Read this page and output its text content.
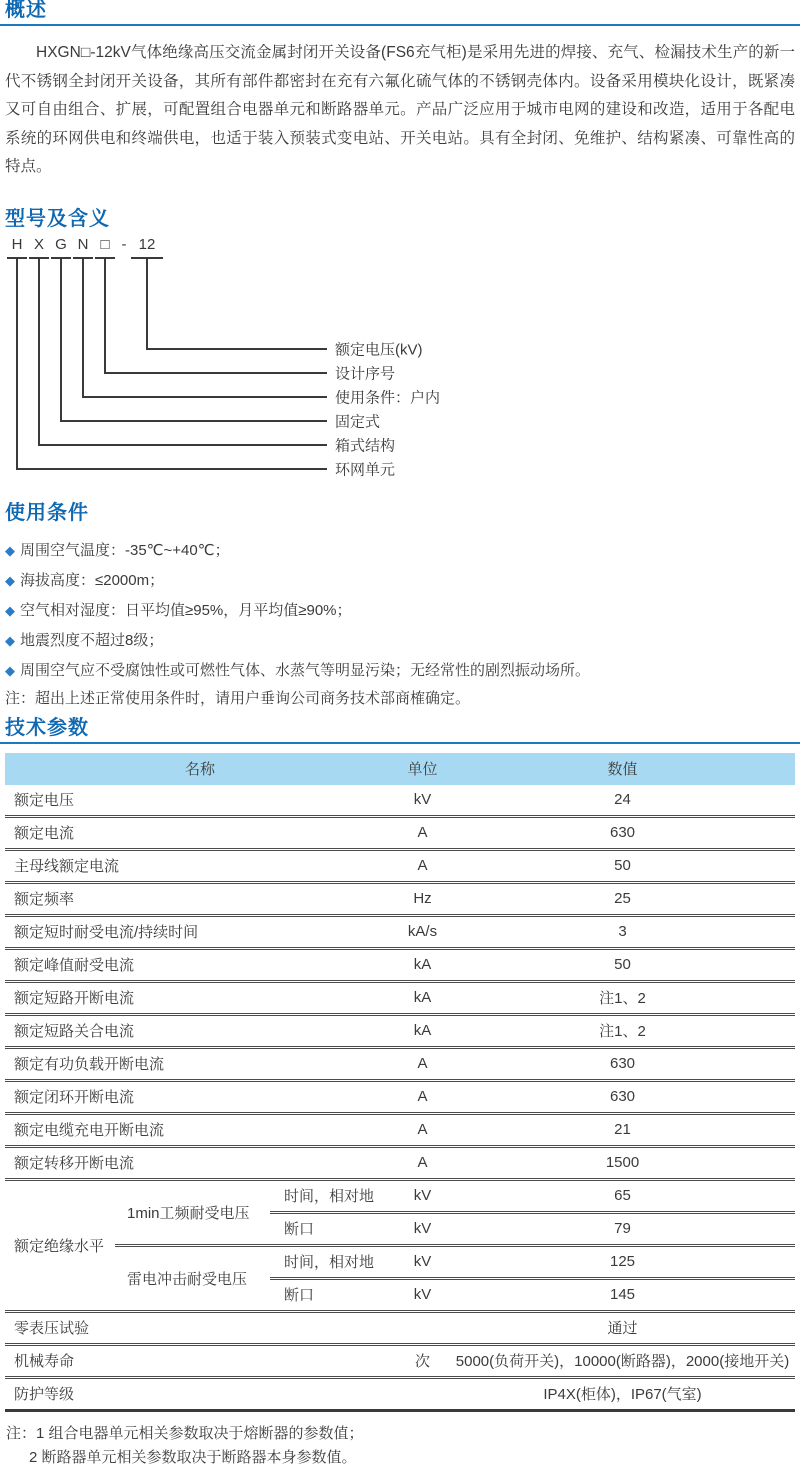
概述

HXGN□-12kV气体绝缘高压交流金属封闭开关设备(FS6充气柜)是采用先进的焊接、充气、检漏技术生产的新一代不锈钢全封闭开关设备，其所有部件都密封在充有六氟化硫气体的不锈钢壳体内。设备采用模块化设计，既紧凑又可自由组合、扩展，可配置组合电器单元和断路器单元。产品广泛应用于城市电网的建设和改造，适用于各配电系统的环网供电和终端供电，也适于装入预装式变电站、开关电站。具有全封闭、免维护、结构紧凑、可靠性高的特点。

型号及含义
H X G N □ - 12
额定电压(kV)
设计序号
使用条件：户内
固定式
箱式结构
环网单元
使用条件
◆ 周围空气温度：-35℃~+40℃；
◆ 海拔高度：≤2000m；
◆ 空气相对湿度：日平均值≥95%，月平均值≥90%；
◆ 地震烈度不超过8级；
◆ 周围空气应不受腐蚀性或可燃性气体、水蒸气等明显污染；无经常性的剧烈振动场所。
注：超出上述正常使用条件时，请用户垂询公司商务技术部商榷确定。
技术参数
名称			单位	数值
额定电压			kV	24
额定电流			A	630
主母线额定电流			A	50
额定频率			Hz	25
额定短时耐受电流/持续时间			kA/s	3
额定峰值耐受电流			kA	50
额定短路开断电流			kA	注1、2
额定短路关合电流			kA	注1、2
额定有功负载开断电流			A	630
额定闭环开断电流			A	630
额定电缆充电开断电流			A	21
额定转移开断电流			A	1500
额定绝缘水平	1min工频耐受电压	时间，相对地	kV	65
		断口	kV	79
	雷电冲击耐受电压	时间，相对地	kV	125
		断口	kV	145
零表压试验				通过
机械寿命			次	5000(负荷开关)，10000(断路器)，2000(接地开关)
防护等级				IP4X(柜体)，IP67(气室)
注：1 组合电器单元相关参数取决于熔断器的参数值；
2 断路器单元相关参数取决于断路器本身参数值。
